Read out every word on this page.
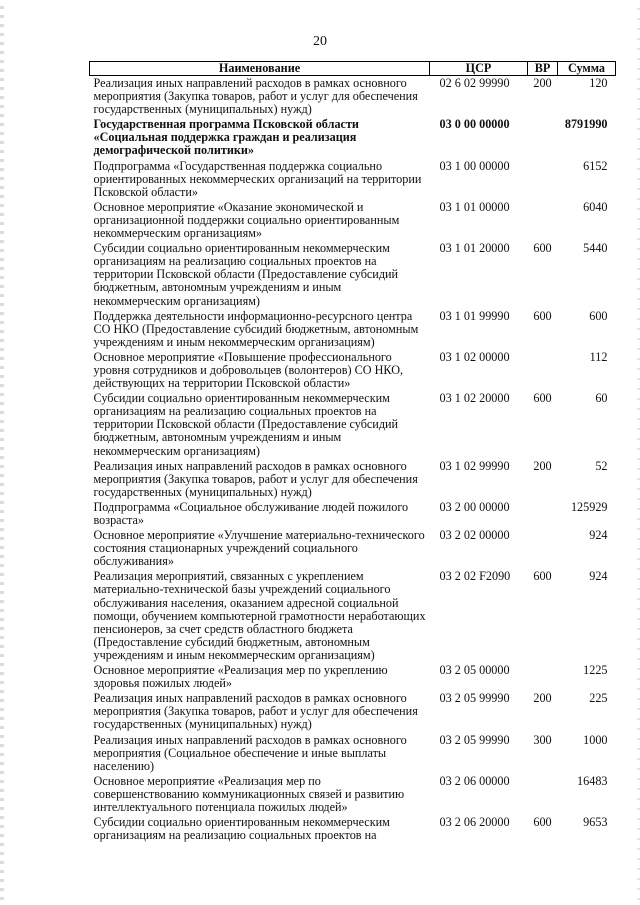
20
Наименование	ЦСР	ВР	Сумма
Реализация иных направлений расходов в рамках основного мероприятия (Закупка товаров, работ и услуг для обеспечения государственных (муниципальных) нужд)	02 6 02 99990	200	120
Государственная программа Псковской области «Социальная поддержка граждан и реализация демографической политики»	03 0 00 00000		8791990
Подпрограмма «Государственная поддержка социально ориентированных некоммерческих организаций на территории Псковской области»	03 1 00 00000		6152
Основное мероприятие «Оказание экономической и организационной поддержки социально ориентированным некоммерческим организациям»	03 1 01 00000		6040
Субсидии социально ориентированным некоммерческим организациям на реализацию социальных проектов на территории Псковской области (Предоставление субсидий бюджетным, автономным учреждениям и иным некоммерческим организациям)	03 1 01 20000	600	5440
Поддержка деятельности информационно-ресурсного центра СО НКО (Предоставление субсидий бюджетным, автономным учреждениям и иным некоммерческим организациям)	03 1 01 99990	600	600
Основное мероприятие «Повышение профессионального уровня сотрудников и добровольцев (волонтеров) СО НКО, действующих на территории Псковской области»	03 1 02 00000		112
Субсидии социально ориентированным некоммерческим организациям на реализацию социальных проектов на территории Псковской области (Предоставление субсидий бюджетным, автономным учреждениям и иным некоммерческим организациям)	03 1 02 20000	600	60
Реализация иных направлений расходов в рамках основного мероприятия (Закупка товаров, работ и услуг для обеспечения государственных (муниципальных) нужд)	03 1 02 99990	200	52
Подпрограмма «Социальное обслуживание людей пожилого возраста»	03 2 00 00000		125929
Основное мероприятие «Улучшение материально-технического состояния стационарных учреждений социального обслуживания»	03 2 02 00000		924
Реализация мероприятий, связанных с укреплением материально-технической базы учреждений социального обслуживания населения, оказанием адресной социальной помощи, обучением компьютерной грамотности неработающих пенсионеров, за счет средств областного бюджета (Предоставление субсидий бюджетным, автономным учреждениям и иным некоммерческим организациям)	03 2 02 F2090	600	924
Основное мероприятие «Реализация мер по укреплению здоровья пожилых людей»	03 2 05 00000		1225
Реализация иных направлений расходов в рамках основного мероприятия (Закупка товаров, работ и услуг для обеспечения государственных (муниципальных) нужд)	03 2 05 99990	200	225
Реализация иных направлений расходов в рамках основного мероприятия (Социальное обеспечение и иные выплаты населению)	03 2 05 99990	300	1000
Основное мероприятие «Реализация мер по совершенствованию коммуникационных связей и развитию интеллектуального потенциала пожилых людей»	03 2 06 00000		16483
Субсидии социально ориентированным некоммерческим организациям на реализацию социальных проектов на	03 2 06 20000	600	9653
